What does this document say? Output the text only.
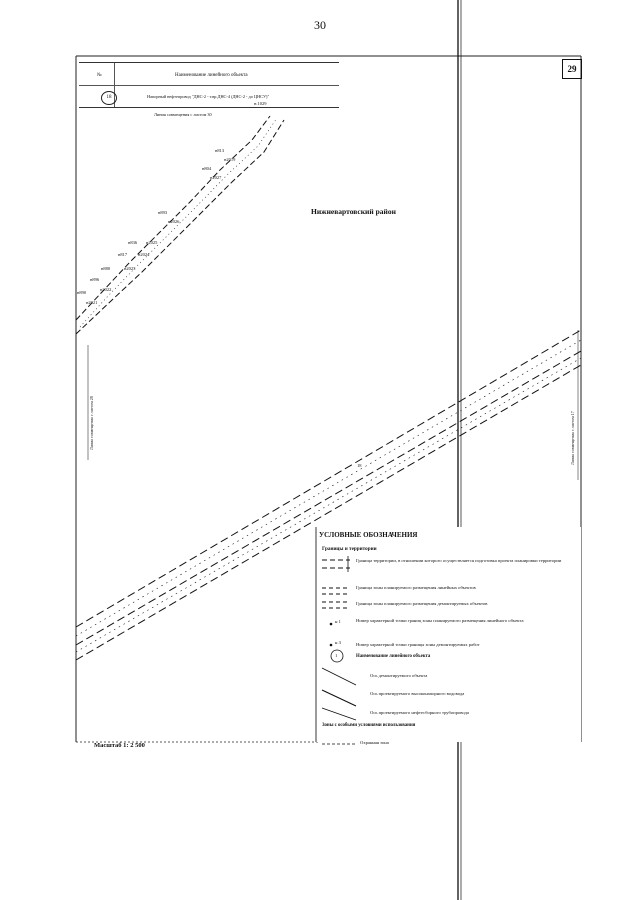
30
29
№	Наименование линейного объекта
18	Напорный нефтепровод "ДНС-2 - т.вр.ДНС-4 (ДНС-2 - до ЦНСУ)"
Линия совмещения с листом 30
Нижневартовский район
н.1029
н813
н2019
н804
н2027
н893
н2026
н836 н2025
н817 н2024
н880	н2023
н896
н2022
н890
н2021
18
Линия совмещения с листом 28	Линия совмещения с листом 17
УСЛОВНЫЕ ОБОЗНАЧЕНИЯ
Границы и территории
Граница территории, в отношении которого осуществляется подготовка проекта планировки территории
Граница зоны планируемого размещения линейных объектов
Граница зоны планируемого размещения демонтируемых объектов
н 1	Номер характерной точки границ зоны планируемого размещения линейного объекта
н 3	Номер характерной точки границы зоны демонтируемых работ
1	Наименование линейного объекта
Ось демонтируемого объекта
Ось проектируемого высоконапорного водовода
Ось проектируемого нефтесборного трубопровода
Зоны с особыми условиями использования
Охранная зона
Масштаб 1: 2 500
